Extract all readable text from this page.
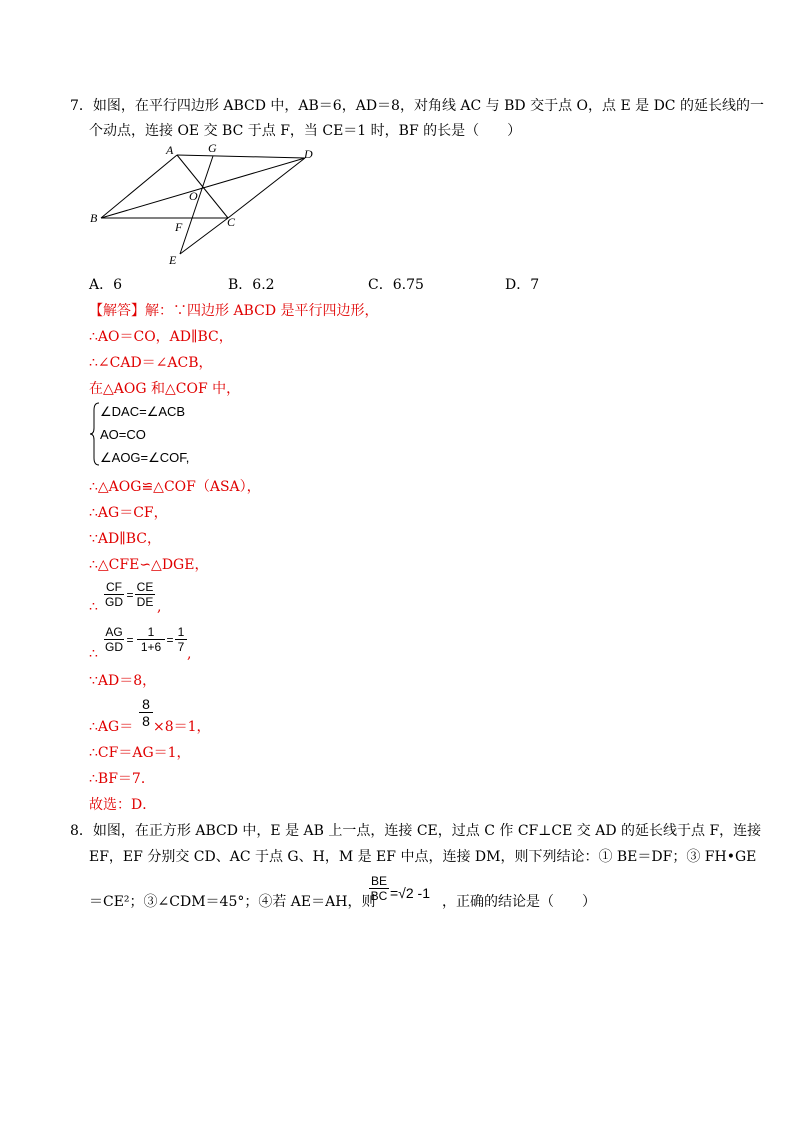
7．如图，在平行四边形 ABCD 中，AB＝6，AD＝8，对角线 AC 与 BD 交于点 O，点 E 是 DC 的延长线的一
个动点，连接 OE 交 BC 于点 F，当 CE＝1 时，BF 的长是（　　）
A	G	D
O
B	C
F
E
A．6	B．6.2	C．6.75	D．7
【解答】解：∵四边形 ABCD 是平行四边形，
∴AO＝CO，AD∥BC，
∴∠CAD＝∠ACB，
在△AOG 和△COF 中，
∠DAC=∠ACB
AO=CO
∠AOG=∠COF,
∴△AOG≌△COF（ASA），
∴AG＝CF，
∵AD∥BC，
∴△CFE∽△DGE，
∴ $\frac{CF}{GD} = \frac{CE}{DE}$ ,
∴ $\frac{AG}{GD} = \frac{1}{1+6} = \frac{1}{7}$ ,
∵AD＝8，
∴AG＝ $\frac{8}{8} \times 8=1$，
∴CF＝AG＝1，
∴BF＝7．
故选：D．
8．如图，在正方形 ABCD 中，E 是 AB 上一点，连接 CE，过点 C 作 CF⊥CE 交 AD 的延长线于点 F，连接
EF，EF 分别交 CD、AC 于点 G、H，M 是 EF 中点，连接 DM，则下列结论：① BE＝DF；③ FH•GE
＝CE²；③∠CDM＝45°；④若 AE＝AH，则
$\frac{BE}{BC} =√2$ -1
，正确的结论是（　　）
